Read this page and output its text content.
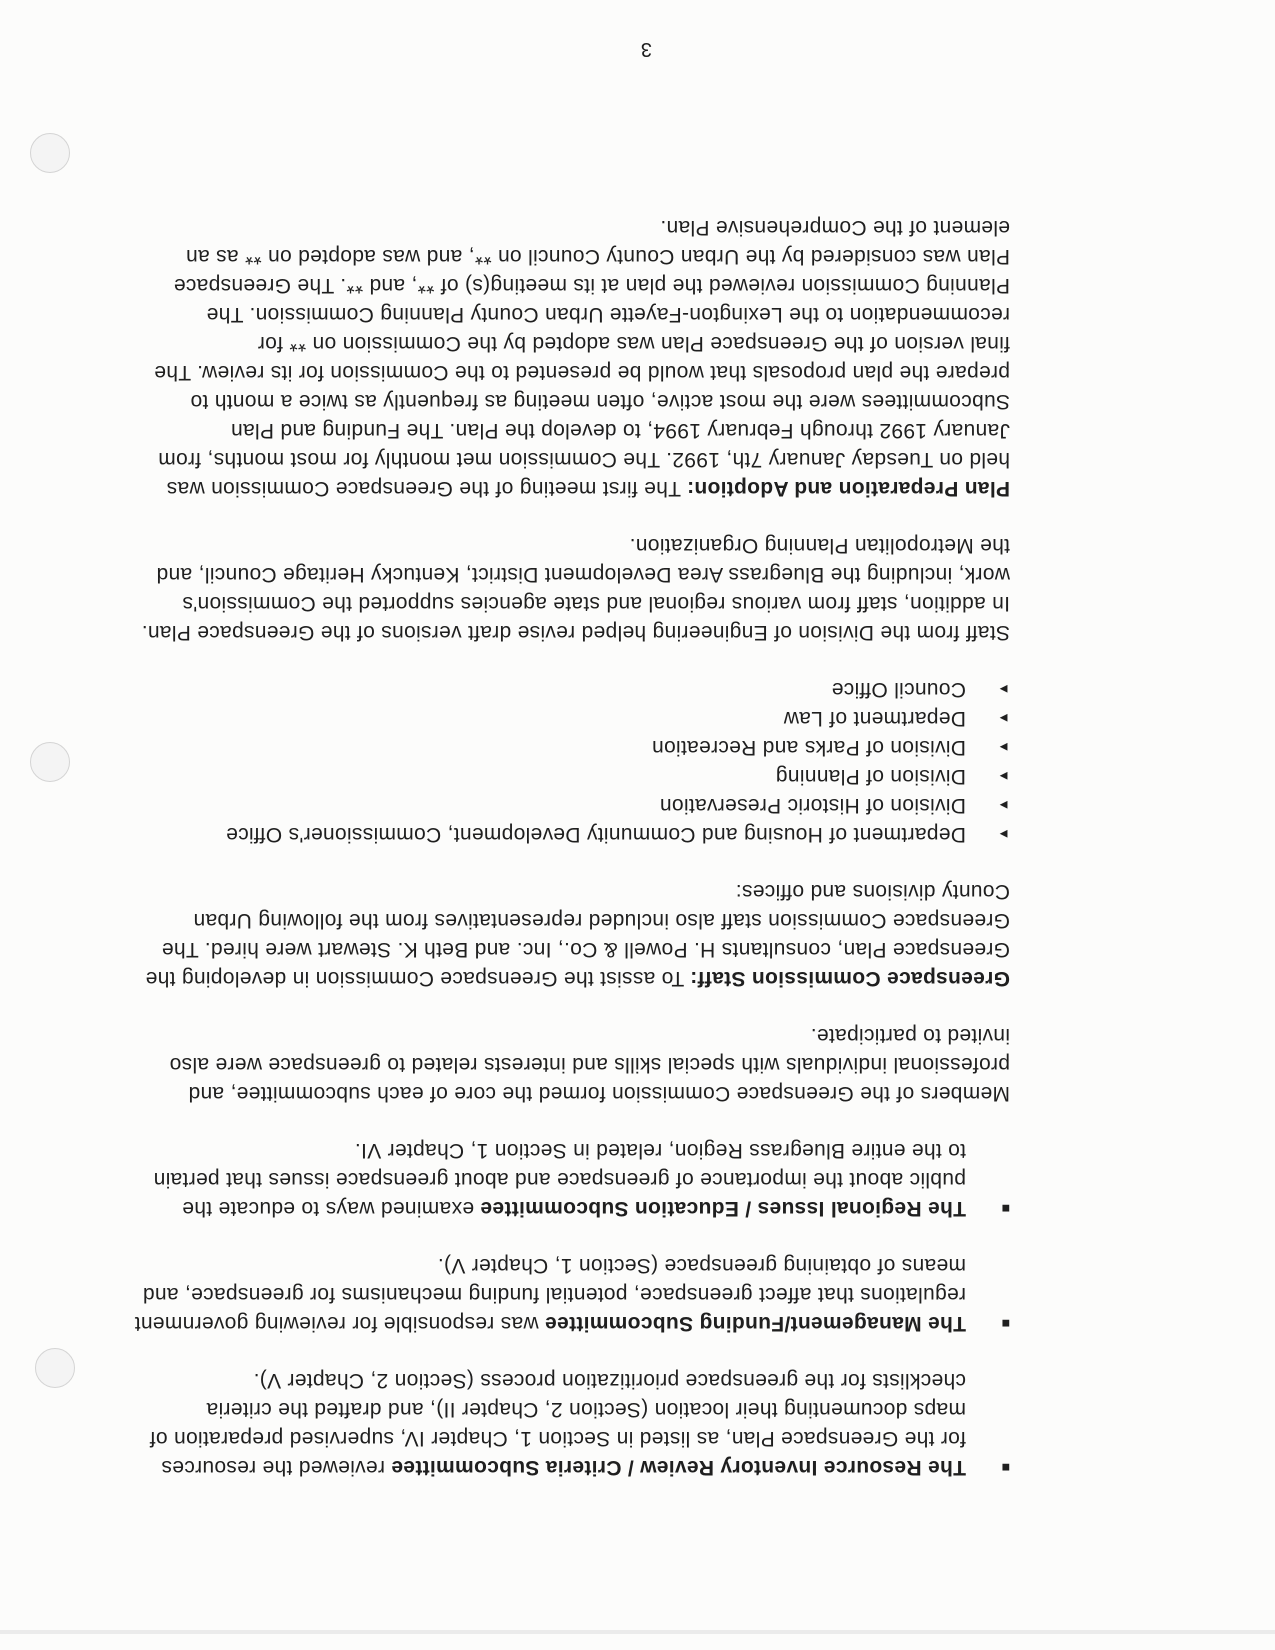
■
The Resource Inventory Review / Criteria Subcommittee reviewed the resources for the Greenspace Plan, as listed in Section 1, Chapter IV, supervised preparation of maps documenting their location (Section 2, Chapter II), and drafted the criteria checklists for the greenspace prioritization process (Section 2, Chapter V).
■
The Management/Funding Subcommittee was responsible for reviewing government regulations that affect greenspace, potential funding mechanisms for greenspace, and means of obtaining greenspace (Section 1, Chapter V).
■
The Regional Issues / Education Subcommittee examined ways to educate the public about the importance of greenspace and about greenspace issues that pertain to the entire Bluegrass Region, related in Section 1, Chapter VI.

Members of the Greenspace Commission formed the core of each subcommittee, and professional individuals with special skills and interests related to greenspace were also invited to participate.

Greenspace Commission Staff: To assist the Greenspace Commission in developing the Greenspace Plan, consultants H. Powell & Co., Inc. and Beth K. Stewart were hired. The Greenspace Commission staff also included representatives from the following Urban County divisions and offices:

►
Department of Housing and Community Development, Commissioner's Office
►
Division of Historic Preservation
►
Division of Planning
►
Division of Parks and Recreation
►
Department of Law
►
Council Office

Staff from the Division of Engineering helped revise draft versions of the Greenspace Plan. In addition, staff from various regional and state agencies supported the Commission's work, including the Bluegrass Area Development District, Kentucky Heritage Council, and the Metropolitan Planning Organization.

Plan Preparation and Adoption: The first meeting of the Greenspace Commission was held on Tuesday January 7th, 1992. The Commission met monthly for most months, from January 1992 through February 1994, to develop the Plan. The Funding and Plan Subcommittees were the most active, often meeting as frequently as twice a month to prepare the plan proposals that would be presented to the Commission for its review. The final version of the Greenspace Plan was adopted by the Commission on ** for recommendation to the Lexington-Fayette Urban County Planning Commission. The Planning Commission reviewed the plan at its meeting(s) of **, and **. The Greenspace Plan was considered by the Urban County Council on **, and was adopted on ** as an element of the Comprehensive Plan.

3
